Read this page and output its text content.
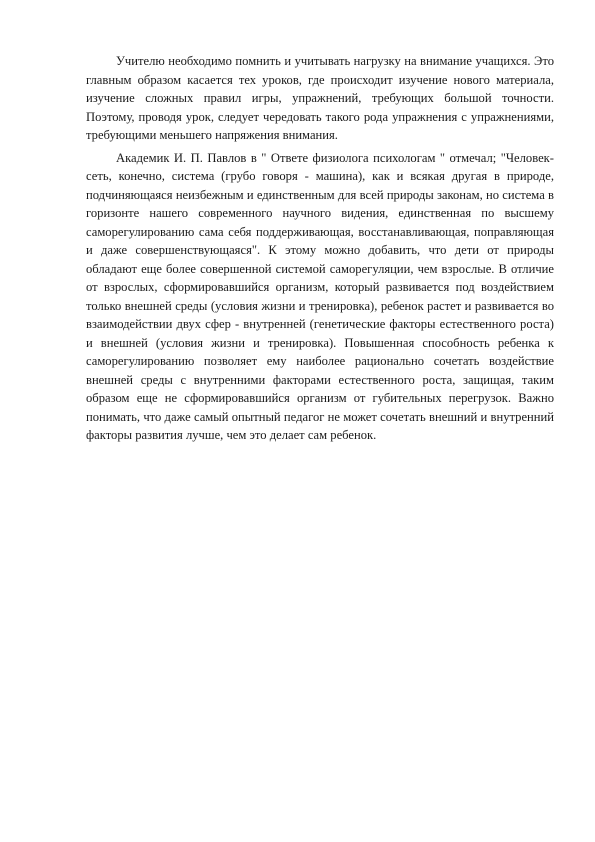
Учителю необходимо помнить и учитывать нагрузку на внимание учащихся. Это главным образом касается тех уроков, где происходит изучение нового материала, изучение сложных правил игры, упражнений, требующих большой точности. Поэтому, проводя урок, следует чередовать такого рода упражнения с упражнениями, требующими меньшего напряжения внимания.

Академик И. П. Павлов в " Ответе физиолога психологам " отмечал; "Человек-сеть, конечно, система (грубо говоря - машина), как и всякая другая в природе, подчиняющаяся неизбежным и единственным для всей природы законам, но система в горизонте нашего современного научного видения, единственная по высшему саморегулированию сама себя поддерживающая, восстанавливающая, поправляющая и даже совершенствующаяся". К этому можно добавить, что дети от природы обладают еще более совершенной системой саморегуляции, чем взрослые. В отличие от взрослых, сформировавшийся организм, который развивается под воздействием только внешней среды (условия жизни и тренировка), ребенок растет и развивается во взаимодействии двух сфер - внутренней (генетические факторы естественного роста) и внешней (условия жизни и тренировка). Повышенная способность ребенка к саморегулированию позволяет ему наиболее рационально сочетать воздействие внешней среды с внутренними факторами естественного роста, защищая, таким образом еще не сформировавшийся организм от губительных перегрузок. Важно понимать, что даже самый опытный педагог не может сочетать внешний и внутренний факторы развития лучше, чем это делает сам ребенок.
